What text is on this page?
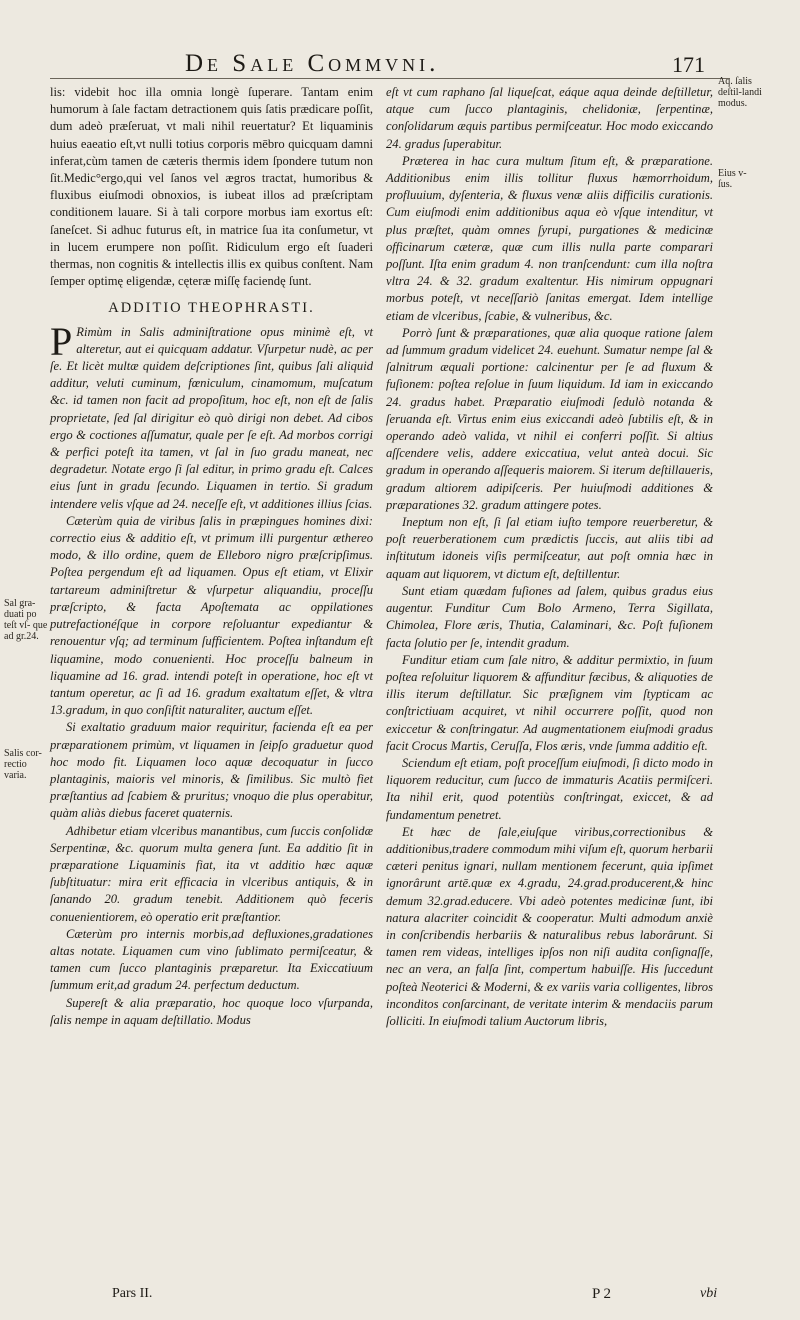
De Sale Commvni.	171

lis: videbit hoc illa omnia longè ſuperare. Tantam enim humorum à ſale factam detractionem quis ſatis prædicare poſſit, dum adeò præſeruat, vt mali nihil reuertatur? Et liquaminis huius eaeatio eſt,vt nulli totius corporis mēbro quicquam damni inferat,cùm tamen de cæteris thermis idem ſpondere tutum non ſit.Medic°ergo,qui vel ſanos vel ægros tractat, humoribus & fluxibus eiuſmodi obnoxios, is iubeat illos ad præſcriptam conditionem lauare. Si à tali corpore morbus iam exortus eſt: ſaneſcet. Si adhuc futurus eſt, in matrice ſua ita conſumetur, vt in lucem erumpere non poſſit. Ridiculum ergo eſt ſuaderi thermas, non cognitis & intellectis illis ex quibus conſtent. Nam ſemper optimę eligendæ, cęteræ miſſę faciendę ſunt.

ADDITIO THEOPHRASTI.

P Rimùm in Salis adminiſtratione opus minimè eſt, vt alteretur, aut ei quicquam addatur. Vſurpetur nudè, ac per ſe. Et licèt multæ quidem deſcriptiones ſint, quibus ſali aliquid additur, veluti cuminum, fœniculum, cinamomum, muſcatum &c. id tamen non facit ad propoſitum, hoc eſt, non eſt de ſalis proprietate, ſed ſal dirigitur eò quò dirigi non debet. Ad cibos ergo & coctiones aſſumatur, quale per ſe eſt. Ad morbos corrigi & perfici poteſt ita tamen, vt ſal in ſuo gradu maneat, nec degradetur. Notate ergo ſi ſal editur, in primo gradu eſt. Calces eius ſunt in gradu ſecundo. Liquamen in tertio. Si gradum intendere velis vſque ad 24. neceſſe eſt, vt additiones illius ſcias.

Cæterùm quia de viribus ſalis in præpingues homines dixi: correctio eius & additio eſt, vt primum illi purgentur æthereo modo, & illo ordine, quem de Elleboro nigro præſcripſimus. Poſtea pergendum eſt ad liquamen. Opus eſt etiam, vt Elixir tartareum adminiſtretur & vſurpetur aliquandiu, proceſſu præſcripto, & facta Apoſtemata ac oppilationes putrefactionéſque in corpore reſoluantur expediantur & renouentur vſq; ad terminum ſufficientem. Poſtea inſtandum eſt liquamine, modo conuenienti. Hoc proceſſu balneum in liquamine ad 16. grad. intendi poteſt in operatione, hoc eſt vt tantum operetur, ac ſi ad 16. gradum exaltatum eſſet, & vltra 13.gradum, in quo conſiſtit naturaliter, auctum eſſet.

Si exaltatio graduum maior requiritur, facienda eſt ea per præparationem primùm, vt liquamen in ſeipſo graduetur quod hoc modo fit. Liquamen loco aquæ decoquatur in ſucco plantaginis, maioris vel minoris, & ſimilibus. Sic multò fiet præſtantius ad ſcabiem & pruritus; vnoquo die plus operabitur, quàm aliàs diebus faceret quaternis.

Adhibetur etiam vlceribus manantibus, cum ſuccis conſolidæ Serpentinæ, &c. quorum multa genera ſunt. Ea additio ſit in præparatione Liquaminis fiat, ita vt additio hæc aquæ ſubſtituatur: mira erit efficacia in vlceribus antiquis, & in ſanando 20. gradum tenebit. Additionem quò feceris conuenientiorem, eò operatio erit præſtantior.

Cæterùm pro internis morbis,ad defluxiones,gradationes altas notate. Liquamen cum vino ſublimato permiſceatur, & tamen cum ſucco plantaginis præparetur. Ita Exiccatiuum ſummum erit,ad gradum 24. perfectum deductum.

Supereſt & alia præparatio, hoc quoque loco vſurpanda, ſalis nempe in aquam deſtillatio. Modus

eſt vt cum raphano ſal liqueſcat, eáque aqua deinde deſtilletur, atque cum ſucco plantaginis, chelidoniæ, ſerpentinæ, conſolidarum æquis partibus permiſceatur. Hoc modo exiccando 24. gradus ſuperabitur.

Præterea in hac cura multum ſitum eſt, & præparatione. Additionibus enim illis tollitur fluxus hæmorrhoidum, profluuium, dyſenteria, & fluxus venæ aliis difficilis curationis. Cum eiuſmodi enim additionibus aqua eò vſque intenditur, vt plus præſtet, quàm omnes ſyrupi, purgationes & medicinæ officinarum cæteræ, quæ cum illis nulla parte comparari poſſunt. Iſta enim gradum 4. non tranſcendunt: cum illa noſtra vltra 24. & 32. gradum exaltentur. His nimirum oppugnari morbus poteſt, vt neceſſariò ſanitas emergat. Idem intellige etiam de vlceribus, ſcabie, & vulneribus, &c.

Porrò ſunt & præparationes, quæ alia quoque ratione ſalem ad ſummum gradum videlicet 24. euehunt. Sumatur nempe ſal & ſalnitrum æquali portione: calcinentur per ſe ad fluxum & fuſionem: poſtea reſolue in ſuum liquidum. Id iam in exiccando 24. gradus habet. Præparatio eiuſmodi ſedulò notanda & ſeruanda eſt. Virtus enim eius exiccandi adeò ſubtilis eſt, & in operando adeò valida, vt nihil ei conferri poſſit. Si altius aſſcendere velis, addere exiccatiua, velut anteà docui. Sic gradum in operando aſſequeris maiorem. Si iterum deſtillaueris, gradum altiorem adipiſceris. Per huiuſmodi additiones & præparationes 32. gradum attingere potes.

Ineptum non eſt, ſi ſal etiam iuſto tempore reuerberetur, & poſt reuerberationem cum prædictis ſuccis, aut aliis tibi ad inſtitutum idoneis viſis permiſceatur, aut poſt omnia hæc in aquam aut liquorem, vt dictum eſt, deſtillentur.

Sunt etiam quædam fuſiones ad ſalem, quibus gradus eius augentur. Funditur Cum Bolo Armeno, Terra Sigillata, Chimolea, Flore æris, Thutia, Calaminari, &c. Poſt fuſionem facta ſolutio per ſe, intendit gradum.

Funditur etiam cum ſale nitro, & additur permixtio, in ſuum poſtea reſoluitur liquorem & affunditur fæcibus, & aliquoties de illis iterum deſtillatur. Sic præſignem vim ſtypticam ac conſtrictiuam acquiret, vt nihil occurrere poſſit, quod non exiccetur & conſtringatur. Ad augmentationem eiuſmodi gradus facit Crocus Martis, Ceruſſa, Flos æris, vnde ſumma additio eſt.

Sciendum eſt etiam, poſt proceſſum eiuſmodi, ſi dicto modo in liquorem reducitur, cum ſucco de immaturis Acatiis permiſceri. Ita nihil erit, quod potentiùs conſtringat, exiccet, & ad fundamentum penetret.

Et hæc de ſale,eiuſque viribus,correctionibus & additionibus,tradere commodum mihi viſum eſt, quorum herbarii cæteri penitus ignari, nullam mentionem fecerunt, quia ipſimet ignorârunt artē.quæ ex 4.gradu, 24.grad.producerent,& hinc demum 32.grad.educere. Vbi adeò potentes medicinæ ſunt, ibi natura alacriter coincidit & cooperatur. Multi admodum anxiè in conſcribendis herbariis & naturalibus rebus laborârunt. Si tamen rem videas, intelliges ipſos non niſi audita conſignaſſe, nec an vera, an falſa ſint, compertum habuiſſe. His ſuccedunt poſteà Neoterici & Moderni, & ex variis varia colligentes, libros inconditos conſarcinant, de veritate interim & mendaciis parum ſolliciti. In eiuſmodi talium Auctorum libris,

Aq. ſalis deſtil-landi modus.
Eius v- ſus.
Sal gra- duati po teſt vſ- que ad gr.24.
Salis cor- rectio varia.
Pars II.	P 2	vbi
